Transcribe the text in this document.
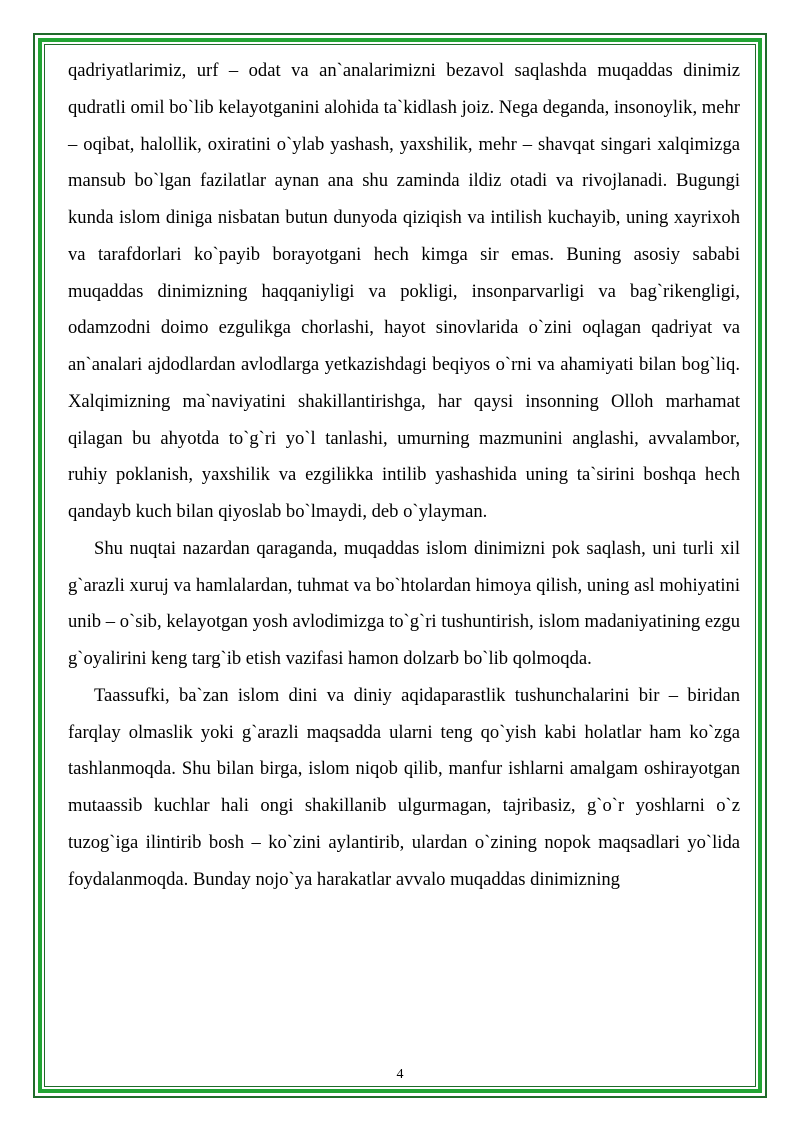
qadriyatlarimiz, urf – odat va an`analarimizni bezavol saqlashda muqaddas dinimiz qudratli omil bo`lib kelayotganini alohida ta`kidlash joiz. Nega deganda, insonoylik, mehr – oqibat, halollik, oxiratini o`ylab yashash, yaxshilik, mehr – shavqat singari xalqimizga mansub bo`lgan fazilatlar aynan ana shu zaminda ildiz otadi va rivojlanadi. Bugungi kunda islom diniga nisbatan butun dunyoda qiziqish va intilish kuchayib, uning xayrixoh va tarafdorlari ko`payib borayotgani hech kimga sir emas. Buning asosiy sababi muqaddas dinimizning haqqaniyligi va pokligi, insonparvarligi va bag`rikengligi, odamzodni doimo ezgulikga chorlashi, hayot sinovlarida o`zini oqlagan qadriyat va an`analari ajdodlardan avlodlarga yetkazishdagi beqiyos o`rni va ahamiyati bilan bog`liq. Xalqimizning ma`naviyatini shakillantirishga, har qaysi insonning Olloh marhamat qilagan bu ahyotda to`g`ri yo`l tanlashi, umurning mazmunini anglashi, avvalambor, ruhiy poklanish, yaxshilik va ezgilikka intilib yashashida uning ta`sirini boshqa hech qandayb kuch bilan qiyoslab bo`lmaydi, deb o`ylayman.

Shu nuqtai nazardan qaraganda, muqaddas islom dinimizni pok saqlash, uni turli xil g`arazli xuruj va hamlalardan, tuhmat va bo`htolardan himoya qilish, uning asl mohiyatini unib – o`sib, kelayotgan yosh avlodimizga to`g`ri tushuntirish, islom madaniyatining ezgu g`oyalirini keng targ`ib etish vazifasi hamon dolzarb bo`lib qolmoqda.

Taassufki, ba`zan islom dini va diniy aqidaparastlik tushunchalarini bir – biridan farqlay olmaslik yoki g`arazli maqsadda ularni teng qo`yish kabi holatlar ham ko`zga tashlanmoqda. Shu bilan birga, islom niqob qilib, manfur ishlarni amalgam oshirayotgan mutaassib kuchlar hali ongi shakillanib ulgurmagan, tajribasiz, g`o`r yoshlarni o`z tuzog`iga ilintirib bosh – ko`zini aylantirib, ulardan o`zining nopok maqsadlari yo`lida foydalanmoqda. Bunday nojo`ya harakatlar avvalo muqaddas dinimizning

4
